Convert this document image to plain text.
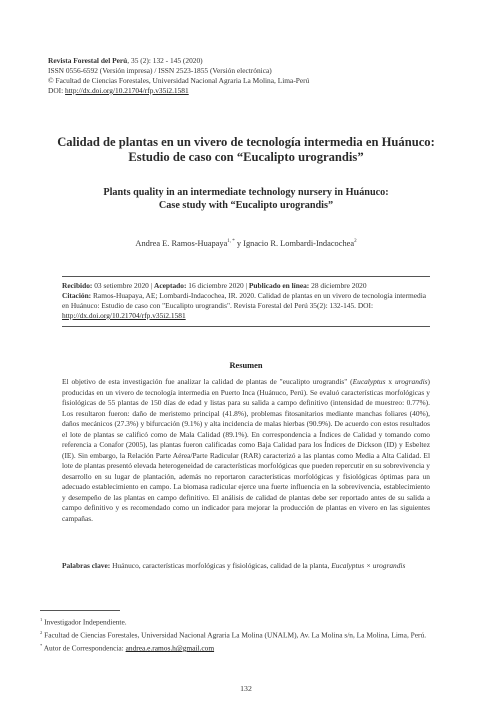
Revista Forestal del Perú, 35 (2): 132 - 145 (2020)
ISSN 0556-6592 (Versión impresa) / ISSN 2523-1855 (Versión electrónica)
© Facultad de Ciencias Forestales, Universidad Nacional Agraria La Molina, Lima-Perú
DOI: http://dx.doi.org/10.21704/rfp.v35i2.1581
Calidad de plantas en un vivero de tecnología intermedia en Huánuco:
Estudio de caso con “Eucalipto urograndis”
Plants quality in an intermediate technology nursery in Huánuco:
Case study with “Eucalipto urograndis”
Andrea E. Ramos-Huapaya$^{1, *}$ y Ignacio R. Lombardi-Indacochea$^2$
Recibido: 03 setiembre 2020 | Aceptado: 16 diciembre 2020 | Publicado en línea: 28 diciembre 2020
Citación: Ramos-Huapaya, AE; Lombardi-Indacochea, IR. 2020. Calidad de plantas en un vivero de tecnología intermedia en Huánuco: Estudio de caso con "Eucalipto urograndis". Revista Forestal del Perú 35(2): 132-145. DOI: http://dx.doi.org/10.21704/rfp.v35i2.1581
Resumen
El objetivo de esta investigación fue analizar la calidad de plantas de "eucalipto urograndis" (Eucalyptus x urograndis) producidas en un vivero de tecnología intermedia en Puerto Inca (Huánuco, Perú). Se evaluó características morfológicas y fisiológicas de 55 plantas de 150 días de edad y listas para su salida a campo definitivo (intensidad de muestreo: 0.77%). Los resultaron fueron: daño de meristemo principal (41.8%), problemas fitosanitarios mediante manchas foliares (40%), daños mecánicos (27.3%) y bifurcación (9.1%) y alta incidencia de malas hierbas (90.9%). De acuerdo con estos resultados el lote de plantas se calificó como de Mala Calidad (89.1%). En correspondencia a Índices de Calidad y tomando como referencia a Conafor (2005), las plantas fueron calificadas como Baja Calidad para los Índices de Dickson (ID) y Esbeltez (IE). Sin embargo, la Relación Parte Aérea/Parte Radicular (RAR) caracterizó a las plantas como Media a Alta Calidad. El lote de plantas presentó elevada heterogeneidad de características morfológicas que pueden repercutir en su sobrevivencia y desarrollo en su lugar de plantación, además no reportaron características morfológicas y fisiológicas óptimas para un adecuado establecimiento en campo. La biomasa radicular ejerce una fuerte influencia en la sobrevivencia, establecimiento y desempeño de las plantas en campo definitivo. El análisis de calidad de plantas debe ser reportado antes de su salida a campo definitivo y es recomendado como un indicador para mejorar la producción de plantas en vivero en las siguientes campañas.
Palabras clave: Huánuco, características morfológicas y fisiológicas, calidad de la planta, Eucalyptus × urograndis
$^1$ Investigador Independiente.
$^2$ Facultad de Ciencias Forestales, Universidad Nacional Agraria La Molina (UNALM), Av. La Molina s/n, La Molina, Lima, Perú.
* Autor de Correspondencia: andrea.e.ramos.h@gmail.com
132
